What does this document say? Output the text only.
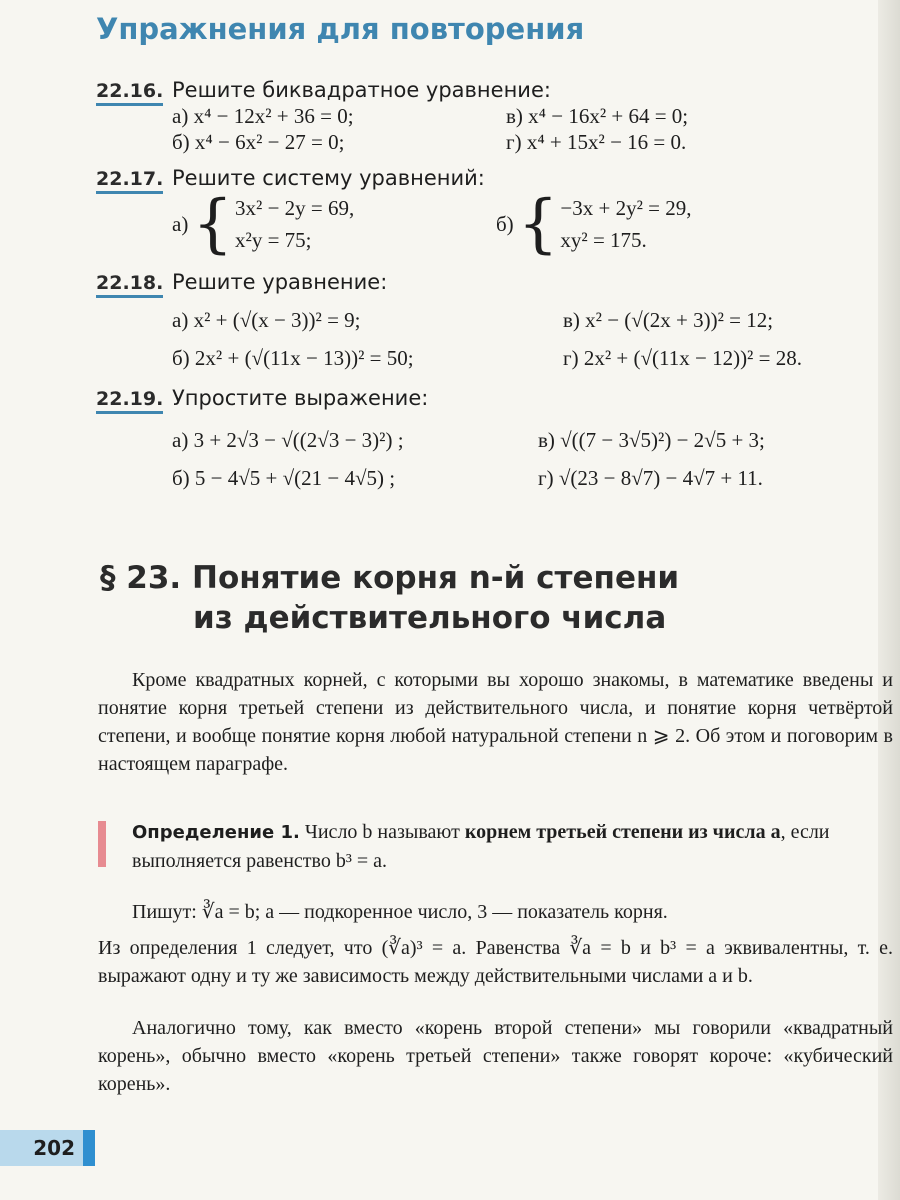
Упражнения для повторения
22.16. Решите биквадратное уравнение:
а) x⁴ − 12x² + 36 = 0;	в) x⁴ − 16x² + 64 = 0;
б) x⁴ − 6x² − 27 = 0;	г) x⁴ + 15x² − 16 = 0.
22.17. Решите систему уравнений:
а) { 3x² − 2y = 69,
x²y = 75;
б) { −3x + 2y² = 29,
xy² = 175.
22.18. Решите уравнение:
а) x² + (√(x − 3))² = 9;	в) x² − (√(2x + 3))² = 12;
б) 2x² + (√(11x − 13))² = 50;	г) 2x² + (√(11x − 12))² = 28.
22.19. Упростите выражение:
а) 3 + 2√3 − √((2√3 − 3)²) ;	в) √((7 − 3√5)²) − 2√5 + 3;
б) 5 − 4√5 + √(21 − 4√5) ;	г) √(23 − 8√7) − 4√7 + 11.
§ 23. Понятие корня n-й степени
из действительного числа
Кроме квадратных корней, с которыми вы хорошо знакомы, в математике введены и понятие корня третьей степени из действительного числа, и понятие корня четвёртой степени, и вообще понятие корня любой натуральной степени n ⩾ 2. Об этом и поговорим в настоящем параграфе.
Определение 1. Число b называют корнем третьей степени из числа a, если выполняется равенство b³ = a.
Пишут: ∛a = b; a — подкоренное число, 3 — показатель корня.
Из определения 1 следует, что (∛a)³ = a. Равенства ∛a = b и b³ = a эквивалентны, т. е. выражают одну и ту же зависимость между действительными числами a и b.
Аналогично тому, как вместо «корень второй степени» мы говорили «квадратный корень», обычно вместо «корень третьей степени» также говорят короче: «кубический корень».
202
